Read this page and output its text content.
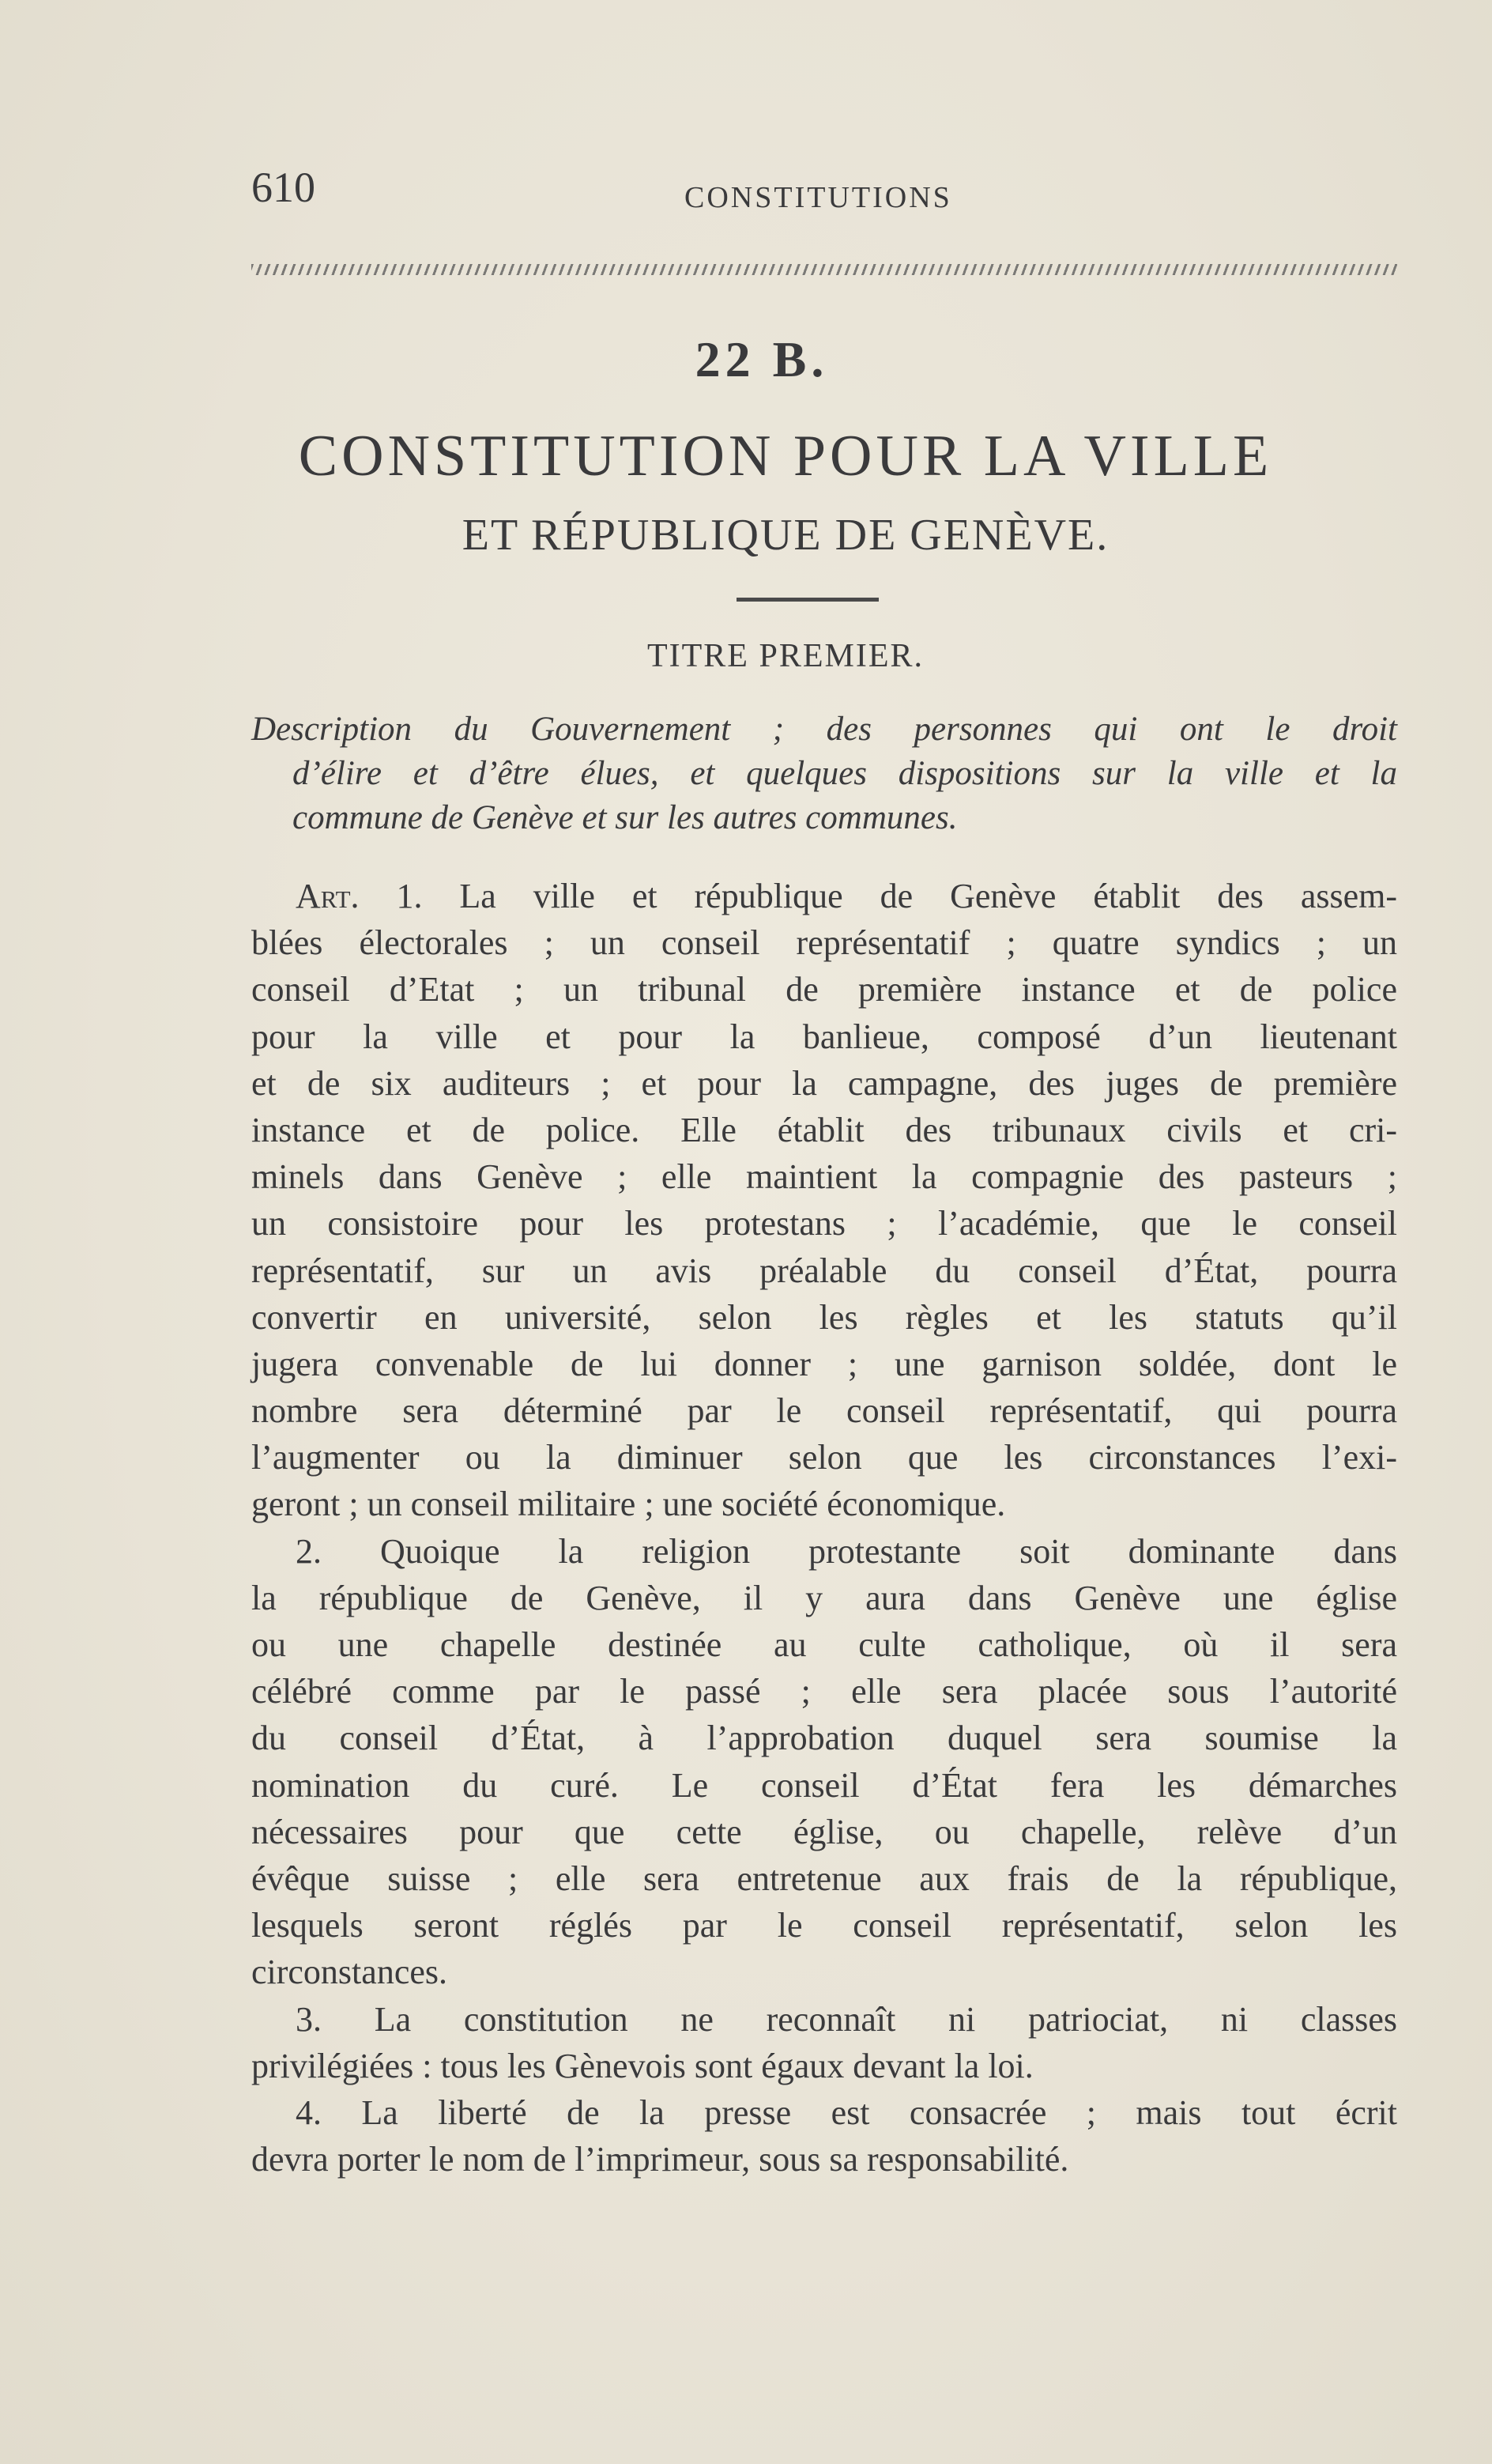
610	CONSTITUTIONS
22 B.
CONSTITUTION POUR LA VILLE
ET RÉPUBLIQUE DE GENÈVE.
TITRE PREMIER.
Description du Gouvernement ; des personnes qui ont le droit
d’élire et d’être élues, et quelques dispositions sur la ville et la
commune de Genève et sur les autres communes.
Art. 1. La ville et république de Genève établit des assem-
blées électorales ; un conseil représentatif ; quatre syndics ; un
conseil d’Etat ; un tribunal de première instance et de police
pour la ville et pour la banlieue, composé d’un lieutenant
et de six auditeurs ; et pour la campagne, des juges de première
instance et de police. Elle établit des tribunaux civils et cri-
minels dans Genève ; elle maintient la compagnie des pasteurs ;
un consistoire pour les protestans ; l’académie, que le conseil
représentatif, sur un avis préalable du conseil d’État, pourra
convertir en université, selon les règles et les statuts qu’il
jugera convenable de lui donner ; une garnison soldée, dont le
nombre sera déterminé par le conseil représentatif, qui pourra
l’augmenter ou la diminuer selon que les circonstances l’exi-
geront ; un conseil militaire ; une société économique.
2. Quoique la religion protestante soit dominante dans
la république de Genève, il y aura dans Genève une église
ou une chapelle destinée au culte catholique, où il sera
célébré comme par le passé ; elle sera placée sous l’autorité
du conseil d’État, à l’approbation duquel sera soumise la
nomination du curé. Le conseil d’État fera les démarches
nécessaires pour que cette église, ou chapelle, relève d’un
évêque suisse ; elle sera entretenue aux frais de la république,
lesquels seront réglés par le conseil représentatif, selon les
circonstances.
3. La constitution ne reconnaît ni patriociat, ni classes
privilégiées : tous les Gènevois sont égaux devant la loi.
4. La liberté de la presse est consacrée ; mais tout écrit
devra porter le nom de l’imprimeur, sous sa responsabilité.
